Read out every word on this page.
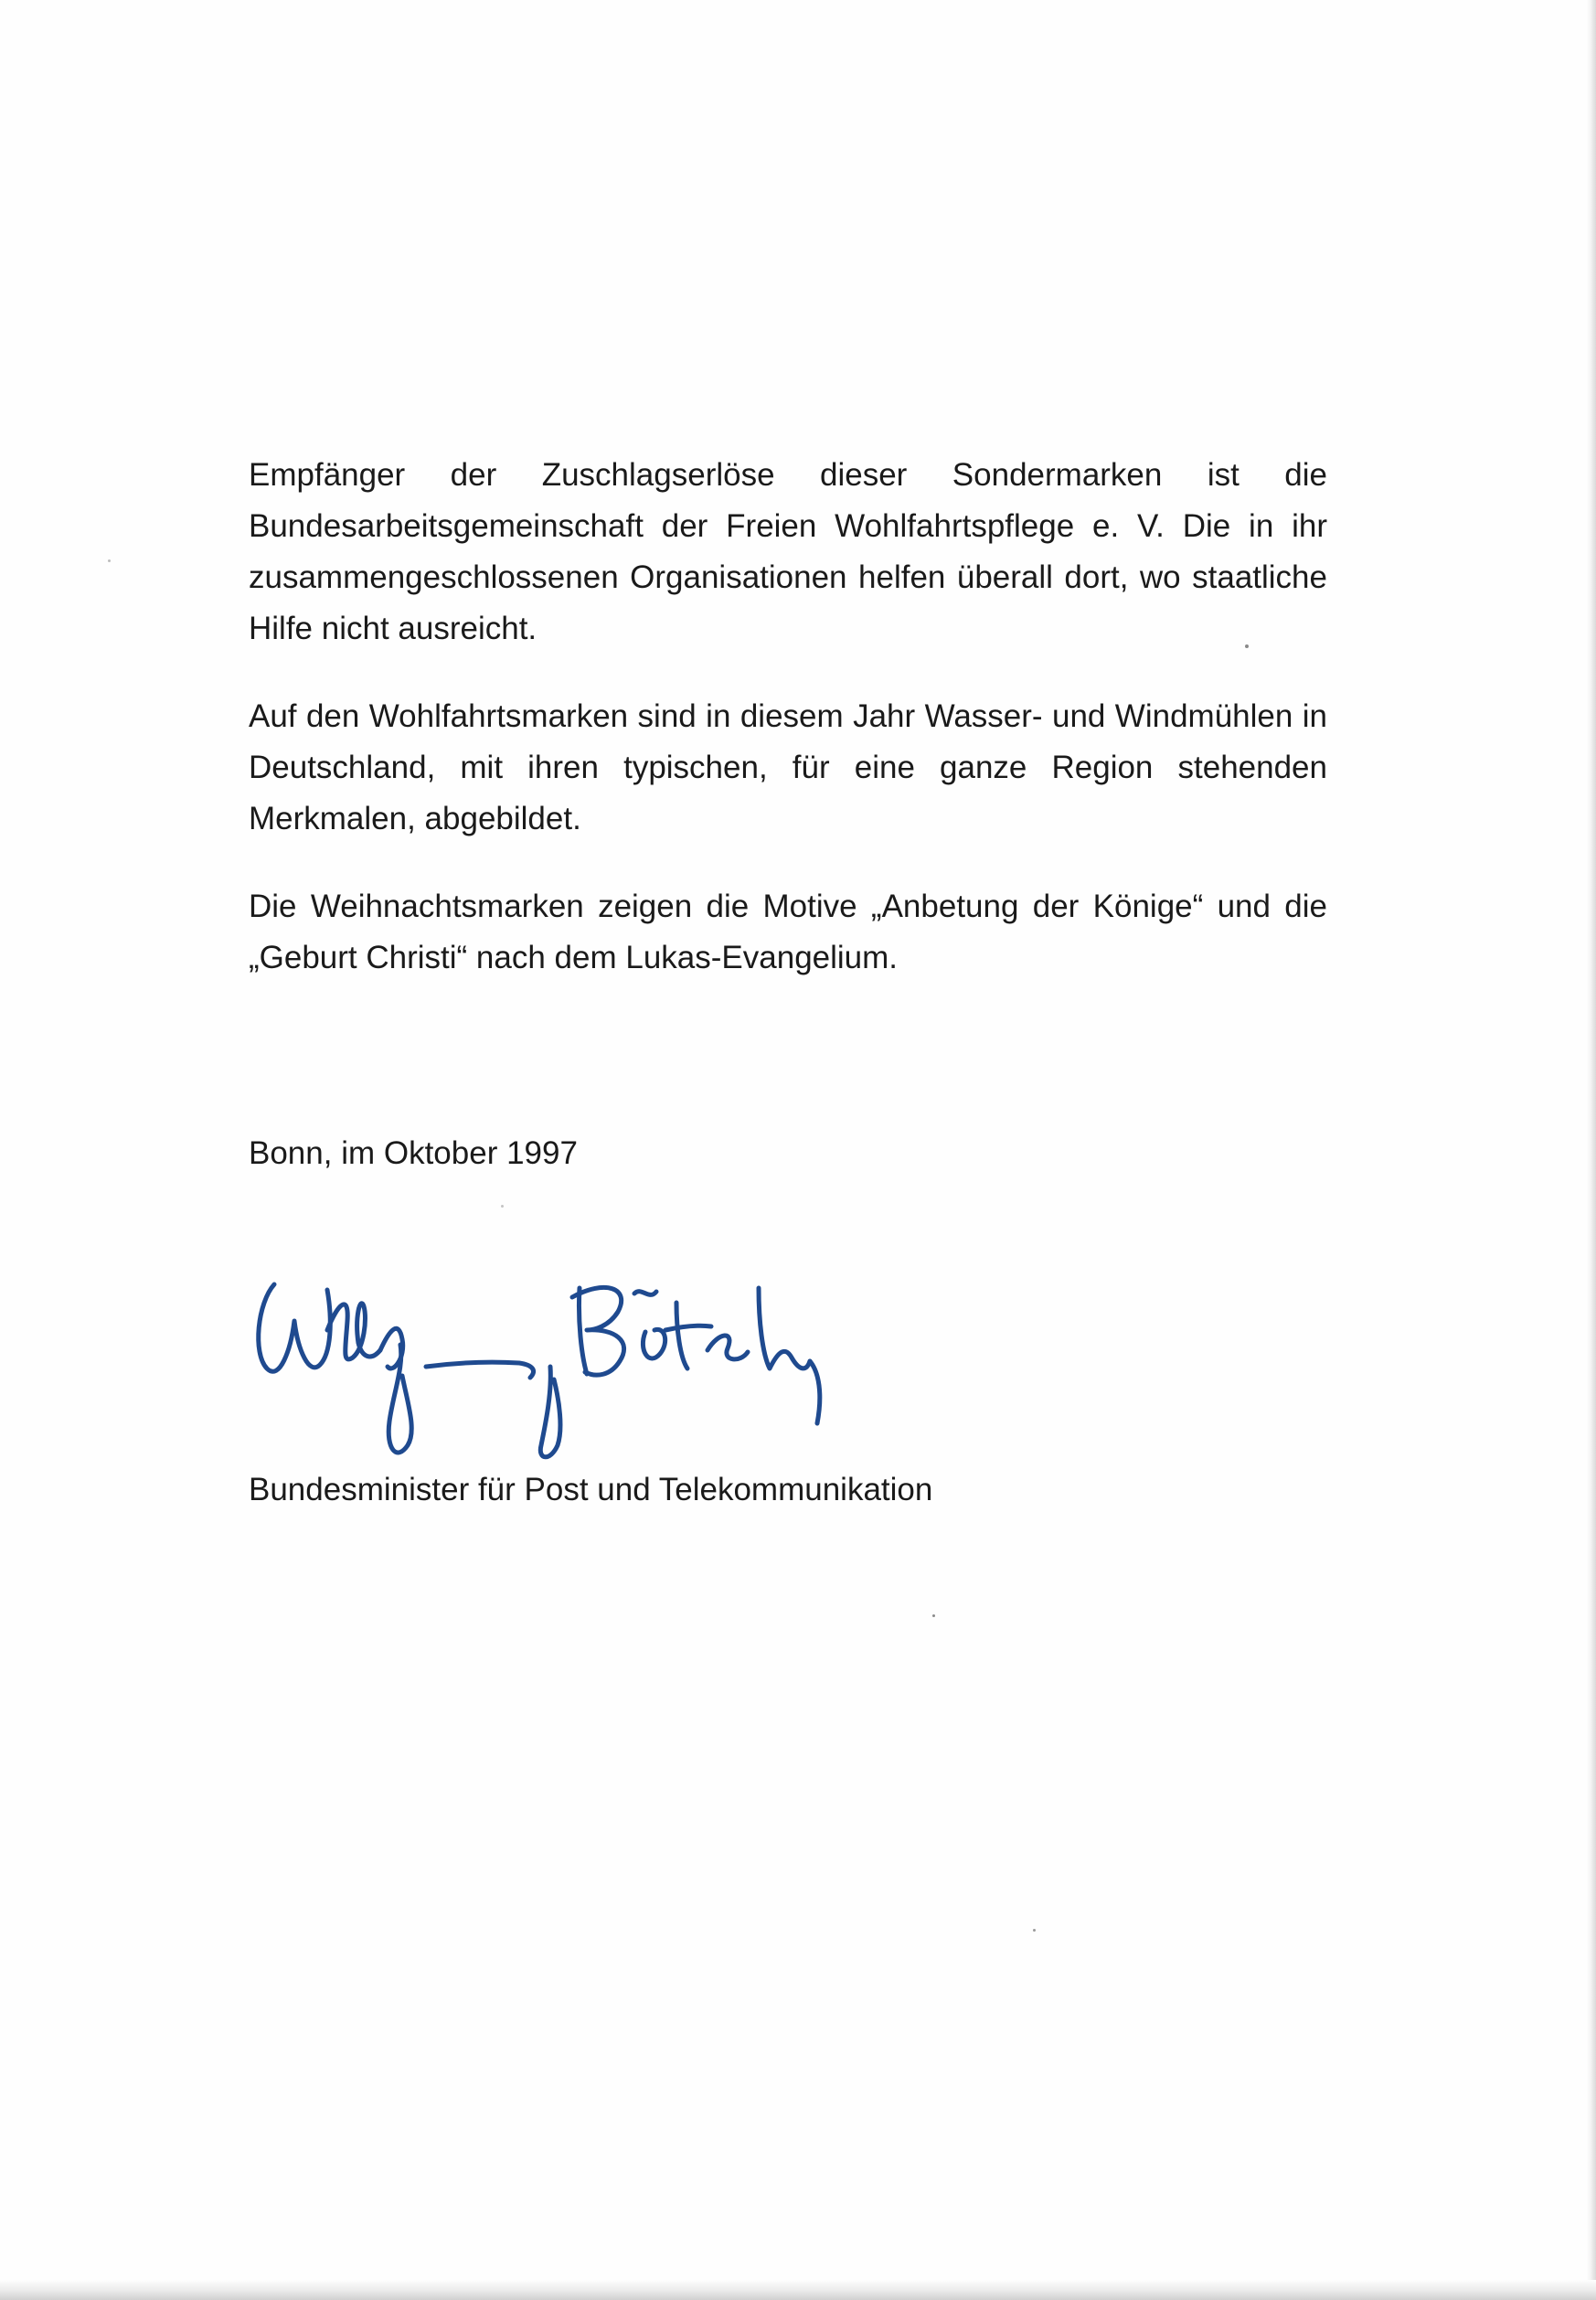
Empfänger der Zuschlagserlöse dieser Sondermarken ist die Bundesarbeitsgemeinschaft der Freien Wohlfahrtspflege e. V. Die in ihr zusammengeschlossenen Organisationen helfen überall dort, wo staatliche Hilfe nicht ausreicht.

Auf den Wohlfahrtsmarken sind in diesem Jahr Wasser- und Windmühlen in Deutschland, mit ihren typischen, für eine ganze Region stehenden Merkmalen, abgebildet.

Die Weihnachtsmarken zeigen die Motive „Anbetung der Könige“ und die „Geburt Christi“ nach dem Lukas-Evangelium.

Bonn, im Oktober 1997

Bundesminister für Post und Telekommunikation
